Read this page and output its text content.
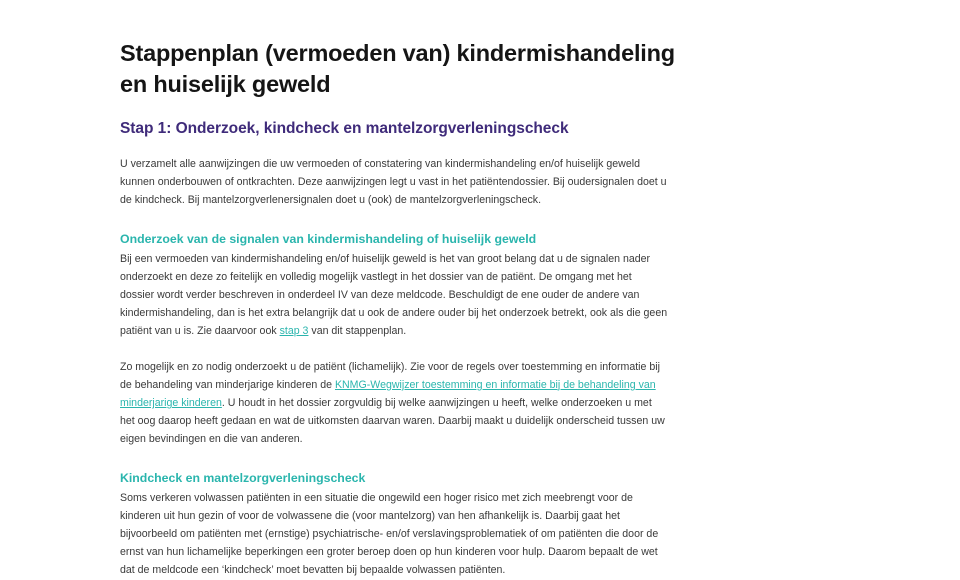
Stappenplan (vermoeden van) kindermishandeling en huiselijk geweld
Stap 1: Onderzoek, kindcheck en mantelzorgverleningscheck

U verzamelt alle aanwijzingen die uw vermoeden of constatering van kindermishandeling en/of huiselijk geweld kunnen onderbouwen of ontkrachten. Deze aanwijzingen legt u vast in het patiëntendossier. Bij oudersignalen doet u de kindcheck. Bij mantelzorgverlenersignalen doet u (ook) de mantelzorgverleningscheck.

Onderzoek van de signalen van kindermishandeling of huiselijk geweld

Bij een vermoeden van kindermishandeling en/of huiselijk geweld is het van groot belang dat u de signalen nader onderzoekt en deze zo feitelijk en volledig mogelijk vastlegt in het dossier van de patiënt. De omgang met het dossier wordt verder beschreven in onderdeel IV van deze meldcode. Beschuldigt de ene ouder de andere van kindermishandeling, dan is het extra belangrijk dat u ook de andere ouder bij het onderzoek betrekt, ook als die geen patiënt van u is. Zie daarvoor ook stap 3 van dit stappenplan.

Zo mogelijk en zo nodig onderzoekt u de patiënt (lichamelijk). Zie voor de regels over toestemming en informatie bij de behandeling van minderjarige kinderen de KNMG-Wegwijzer toestemming en informatie bij de behandeling van minderjarige kinderen. U houdt in het dossier zorgvuldig bij welke aanwijzingen u heeft, welke onderzoeken u met het oog daarop heeft gedaan en wat de uitkomsten daarvan waren. Daarbij maakt u duidelijk onderscheid tussen uw eigen bevindingen en die van anderen.

Kindcheck en mantelzorgverleningscheck

Soms verkeren volwassen patiënten in een situatie die ongewild een hoger risico met zich meebrengt voor de kinderen uit hun gezin of voor de volwassene die (voor mantelzorg) van hen afhankelijk is. Daarbij gaat het bijvoorbeeld om patiënten met (ernstige) psychiatrische- en/of verslavingsproblematiek of om patiënten die door de ernst van hun lichamelijke beperkingen een groter beroep doen op hun kinderen voor hulp. Daarom bepaalt de wet dat de meldcode een ‘kindcheck’ moet bevatten bij bepaalde volwassen patiënten.
